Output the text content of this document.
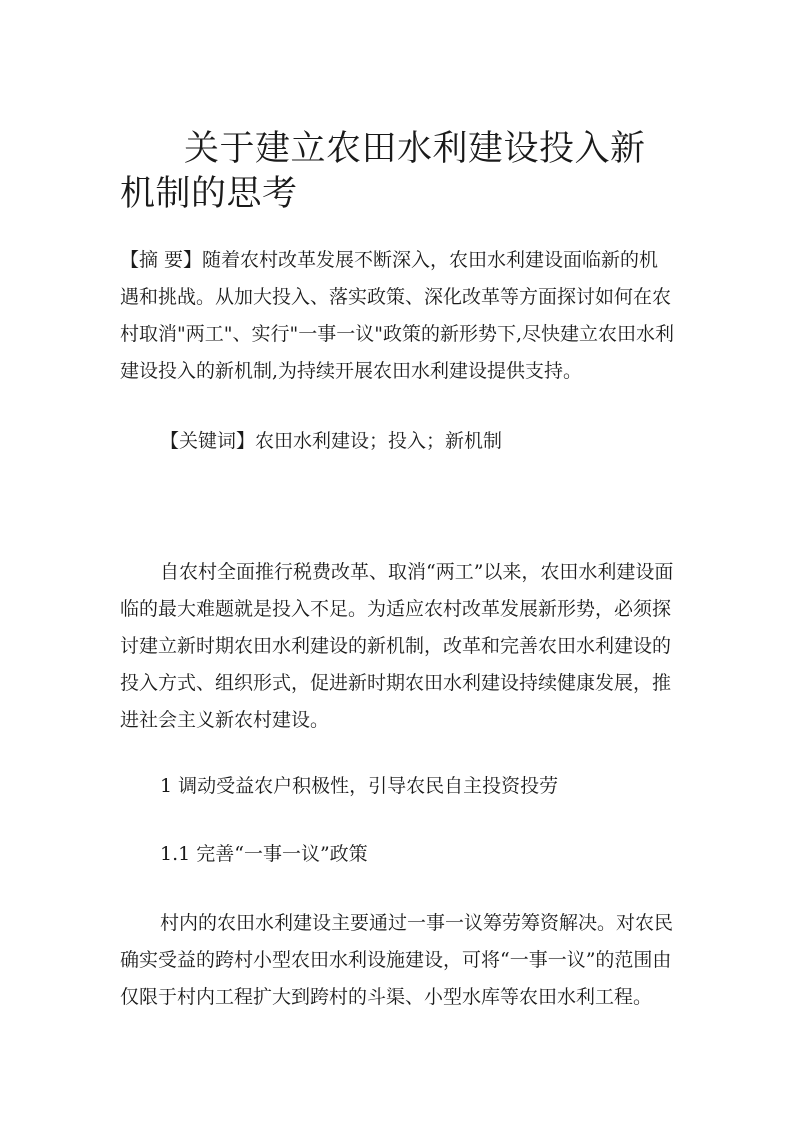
关于建立农田水利建设投入新机制的思考

【摘 要】随着农村改革发展不断深入，农田水利建设面临新的机遇和挑战。从加大投入、落实政策、深化改革等方面探讨如何在农村取消"两工"、实行"一事一议"政策的新形势下,尽快建立农田水利建设投入的新机制,为持续开展农田水利建设提供支持。

【关键词】农田水利建设；投入；新机制

自农村全面推行税费改革、取消“两工”以来，农田水利建设面临的最大难题就是投入不足。为适应农村改革发展新形势，必须探讨建立新时期农田水利建设的新机制，改革和完善农田水利建设的投入方式、组织形式，促进新时期农田水利建设持续健康发展，推进社会主义新农村建设。

1 调动受益农户积极性，引导农民自主投资投劳

1.1 完善“一事一议”政策

村内的农田水利建设主要通过一事一议筹劳筹资解决。对农民确实受益的跨村小型农田水利设施建设，可将“一事一议”的范围由仅限于村内工程扩大到跨村的斗渠、小型水库等农田水利工程。
